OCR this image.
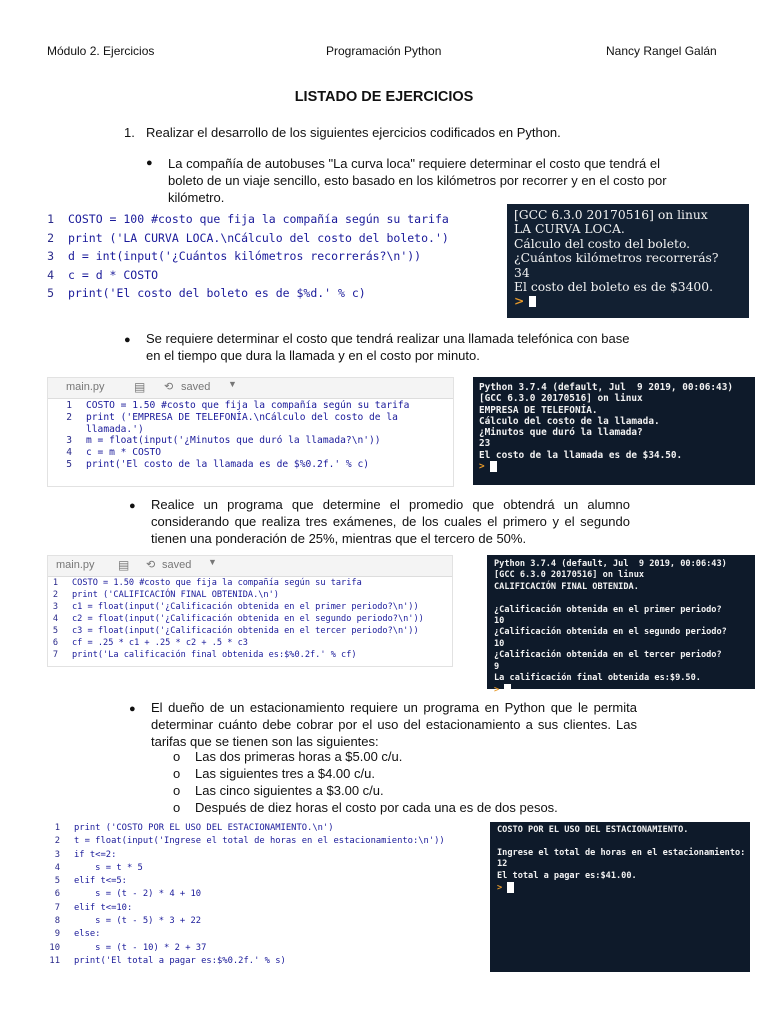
Módulo 2. Ejercicios	Programación Python	Nancy Rangel Galán
LISTADO DE EJERCICIOS
1. Realizar el desarrollo de los siguientes ejercicios codificados en Python.
● La compañía de autobuses "La curva loca" requiere determinar el costo que tendrá el boleto de un viaje sencillo, esto basado en los kilómetros por recorrer y en el costo por kilómetro.
1 COSTO = 100 #costo que fija la compañía según su tarifa
2 print ('LA CURVA LOCA.\nCálculo del costo del boleto.')
3 d = int(input('¿Cuántos kilómetros recorrerás?\n'))
4 c = d * COSTO
5 print('El costo del boleto es de $%d.' % c)
[GCC 6.3.0 20170516] on linux
LA CURVA LOCA.
Cálculo del costo del boleto.
¿Cuántos kilómetros recorrerás?
34
El costo del boleto es de $3400.
>
● Se requiere determinar el costo que tendrá realizar una llamada telefónica con base en el tiempo que dura la llamada y en el costo por minuto.
main.py ▤ ⟲ saved ▼
1 COSTO = 1.50 #costo que fija la compañía según su tarifa
2 print ('EMPRESA DE TELEFONÍA.\nCálculo del costo de la
llamada.')
3 m = float(input('¿Minutos que duró la llamada?\n'))
4 c = m * COSTO
5 print('El costo de la llamada es de $%0.2f.' % c)
Python 3.7.4 (default, Jul  9 2019, 00:06:43)
[GCC 6.3.0 20170516] on linux
EMPRESA DE TELEFONÍA.
Cálculo del costo de la llamada.
¿Minutos que duró la llamada?
23
El costo de la llamada es de $34.50.
>
● Realice un programa que determine el promedio que obtendrá un alumno considerando que realiza tres exámenes, de los cuales el primero y el segundo tienen una ponderación de 25%, mientras que el tercero de 50%.
main.py ▤ ⟲ saved ▼
1 COSTO = 1.50 #costo que fija la compañía según su tarifa
2 print ('CALIFICACIÓN FINAL OBTENIDA.\n')
3 c1 = float(input('¿Calificación obtenida en el primer periodo?\n'))
4 c2 = float(input('¿Calificación obtenida en el segundo periodo?\n'))
5 c3 = float(input('¿Calificación obtenida en el tercer periodo?\n'))
6 cf = .25 * c1 + .25 * c2 + .5 * c3
7 print('La calificación final obtenida es:$%0.2f.' % cf)
Python 3.7.4 (default, Jul  9 2019, 00:06:43)
[GCC 6.3.0 20170516] on linux
CALIFICACIÓN FINAL OBTENIDA.

¿Calificación obtenida en el primer periodo?
10
¿Calificación obtenida en el segundo periodo?
10
¿Calificación obtenida en el tercer periodo?
9
La calificación final obtenida es:$9.50.
>
● El dueño de un estacionamiento requiere un programa en Python que le permita determinar cuánto debe cobrar por el uso del estacionamiento a sus clientes. Las tarifas que se tienen son las siguientes:
o Las dos primeras horas a $5.00 c/u.
o Las siguientes tres a $4.00 c/u.
o Las cinco siguientes a $3.00 c/u.
o Después de diez horas el costo por cada una es de dos pesos.
1 print ('COSTO POR EL USO DEL ESTACIONAMIENTO.\n')
2 t = float(input('Ingrese el total de horas en el estacionamiento:\n'))
3 if t<=2:
4    s = t * 5
5 elif t<=5:
6    s = (t - 2) * 4 + 10
7 elif t<=10:
8    s = (t - 5) * 3 + 22
9 else:
10    s = (t - 10) * 2 + 37
11 print('El total a pagar es:$%0.2f.' % s)
COSTO POR EL USO DEL ESTACIONAMIENTO.

Ingrese el total de horas en el estacionamiento:
12
El total a pagar es:$41.00.
>
